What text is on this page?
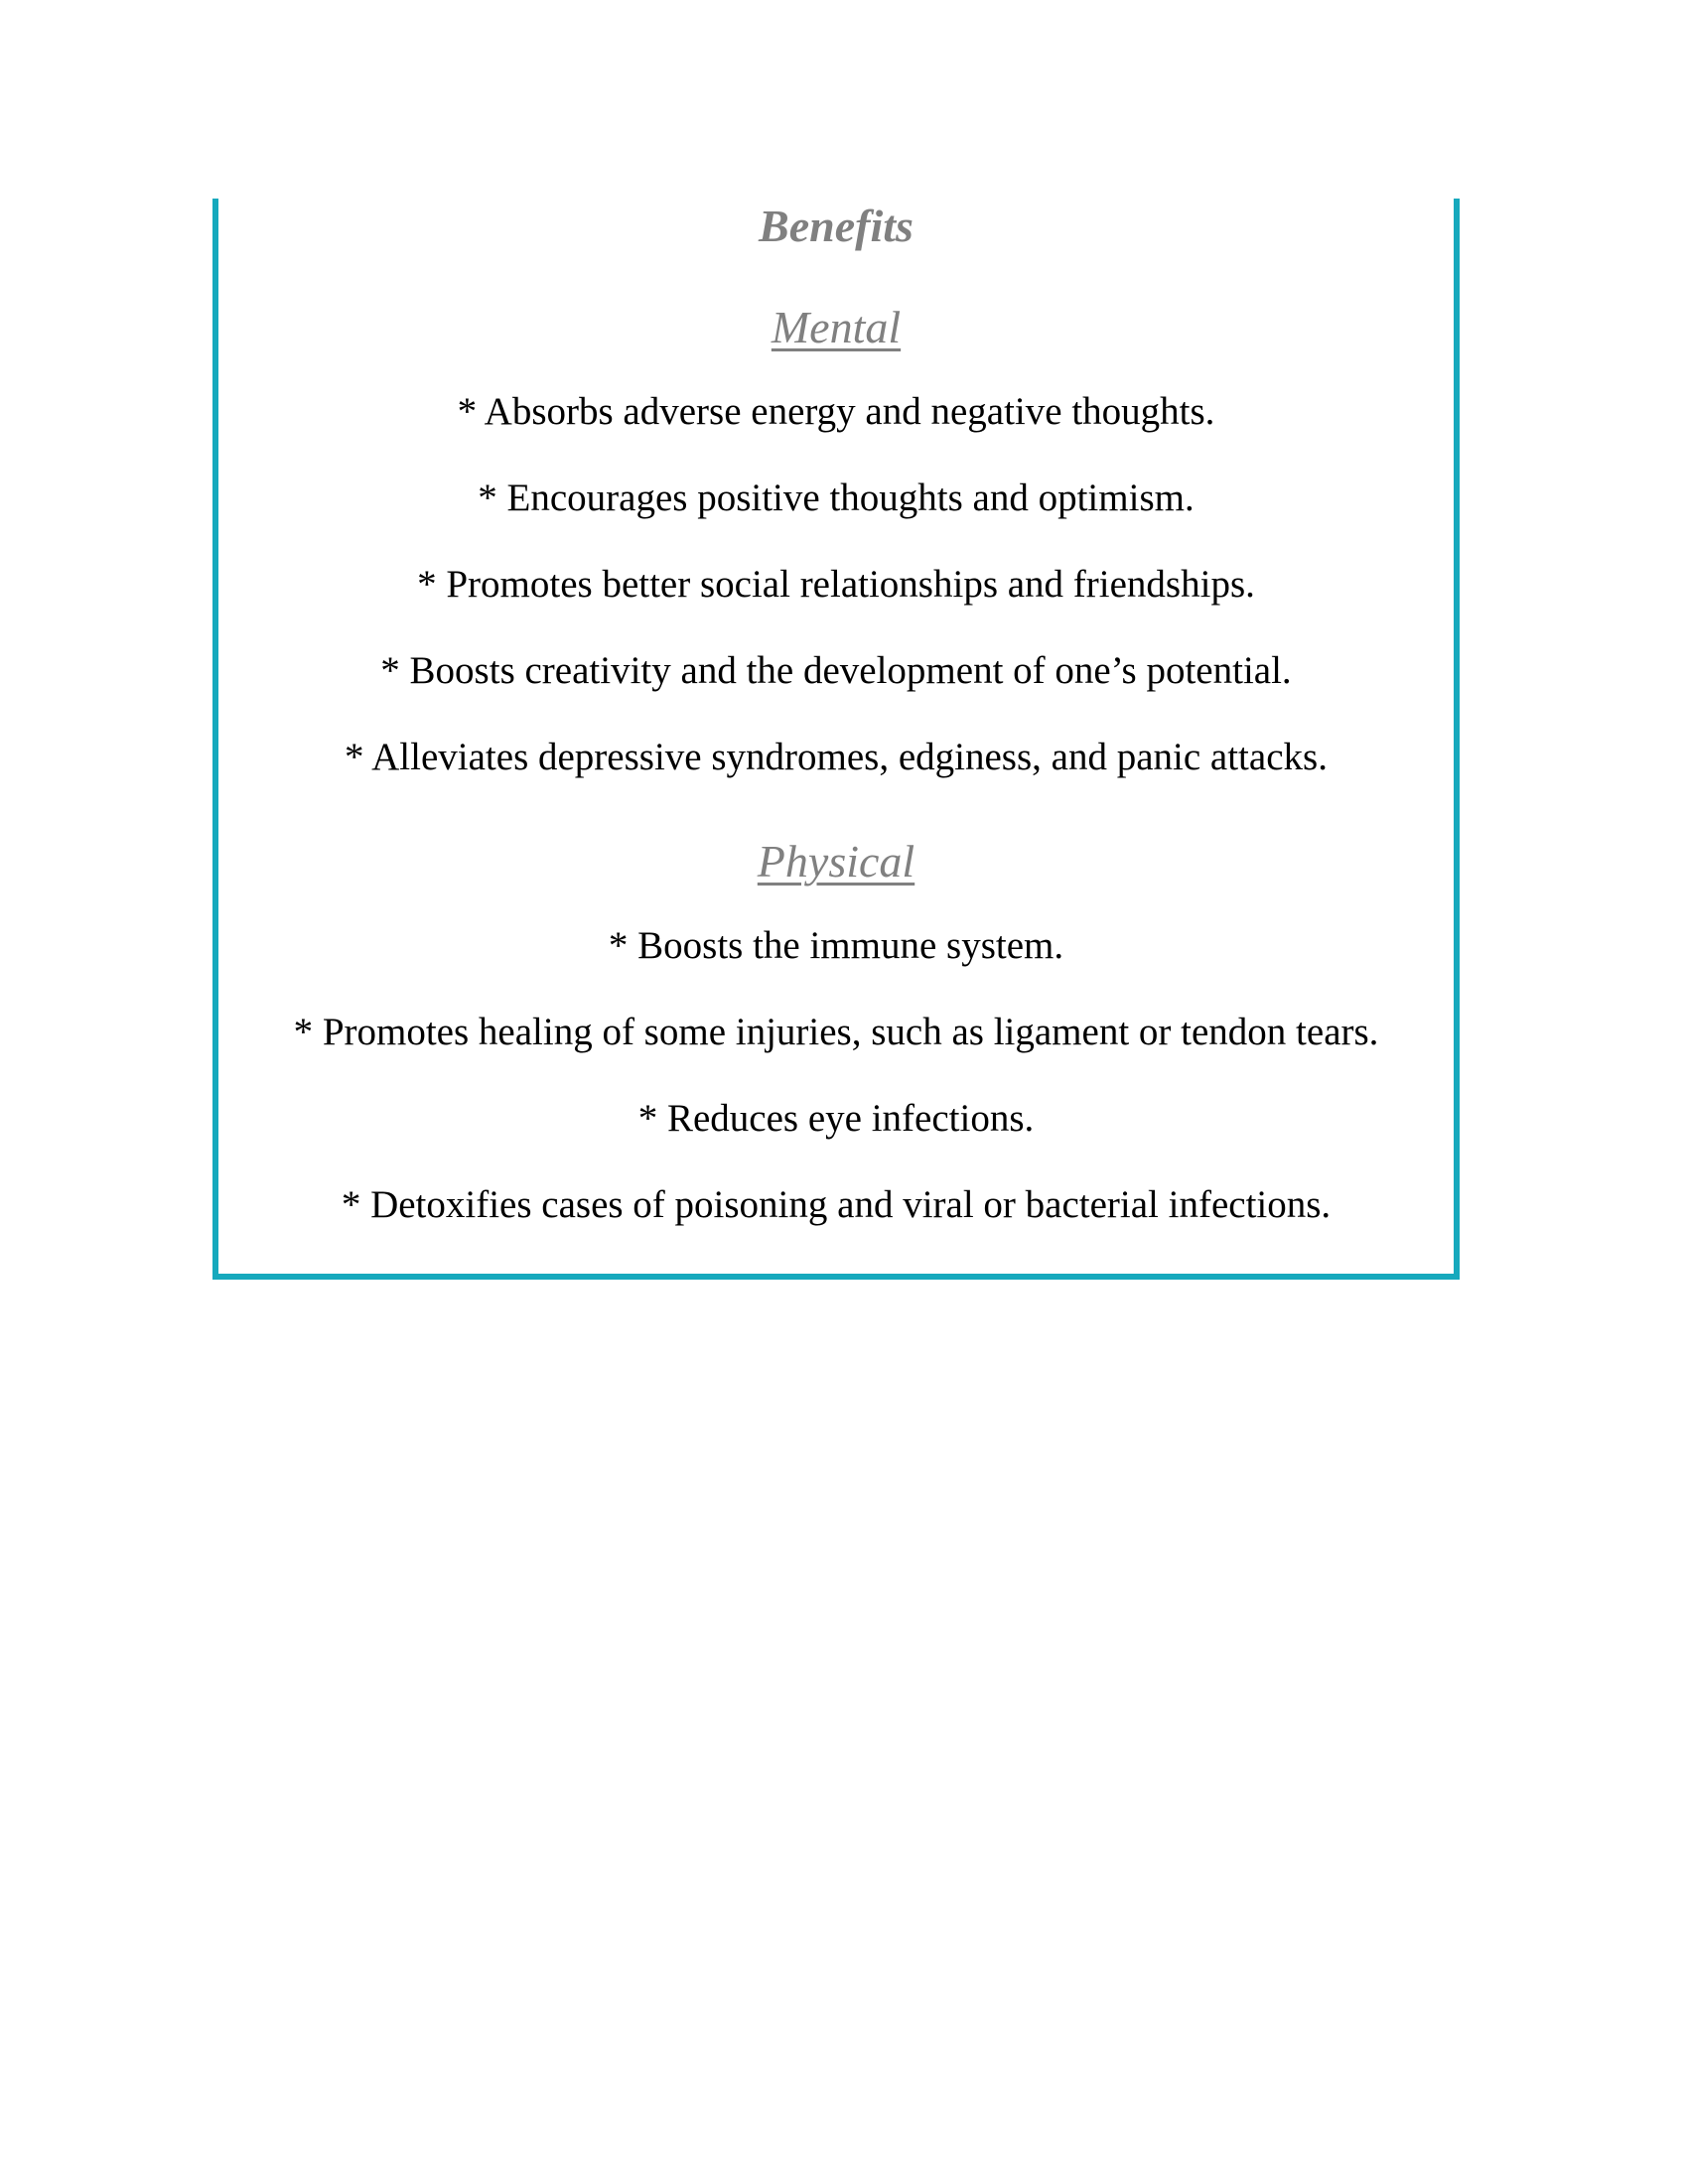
Benefits
Mental

* Absorbs adverse energy and negative thoughts.

* Encourages positive thoughts and optimism.

* Promotes better social relationships and friendships.

* Boosts creativity and the development of one’s potential.

* Alleviates depressive syndromes, edginess, and panic attacks.

Physical

* Boosts the immune system.

* Promotes healing of some injuries, such as ligament or tendon tears.

* Reduces eye infections.

* Detoxifies cases of poisoning and viral or bacterial infections.
